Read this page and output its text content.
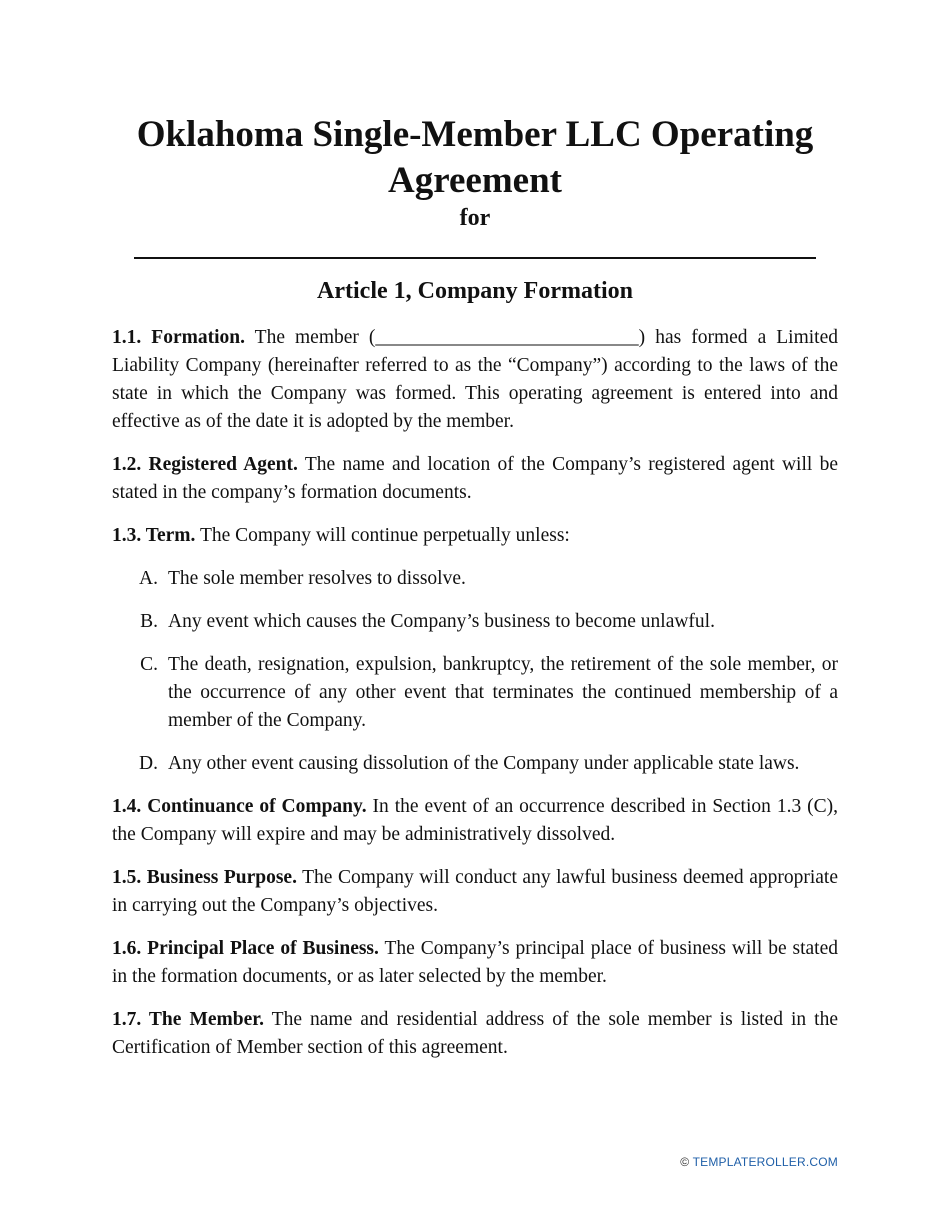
Oklahoma Single-Member LLC Operating Agreement
for
Article 1, Company Formation

1.1. Formation. The member (___________________________) has formed a Limited Liability Company (hereinafter referred to as the “Company”) according to the laws of the state in which the Company was formed. This operating agreement is entered into and effective as of the date it is adopted by the member.

1.2. Registered Agent. The name and location of the Company’s registered agent will be stated in the company’s formation documents.

1.3. Term. The Company will continue perpetually unless:

A. The sole member resolves to dissolve.
B. Any event which causes the Company’s business to become unlawful.
C. The death, resignation, expulsion, bankruptcy, the retirement of the sole member, or the occurrence of any other event that terminates the continued membership of a member of the Company.
D. Any other event causing dissolution of the Company under applicable state laws.

1.4. Continuance of Company. In the event of an occurrence described in Section 1.3 (C), the Company will expire and may be administratively dissolved.

1.5. Business Purpose. The Company will conduct any lawful business deemed appropriate in carrying out the Company’s objectives.

1.6. Principal Place of Business. The Company’s principal place of business will be stated in the formation documents, or as later selected by the member.

1.7. The Member. The name and residential address of the sole member is listed in the Certification of Member section of this agreement.

© TEMPLATEROLLER.COM
